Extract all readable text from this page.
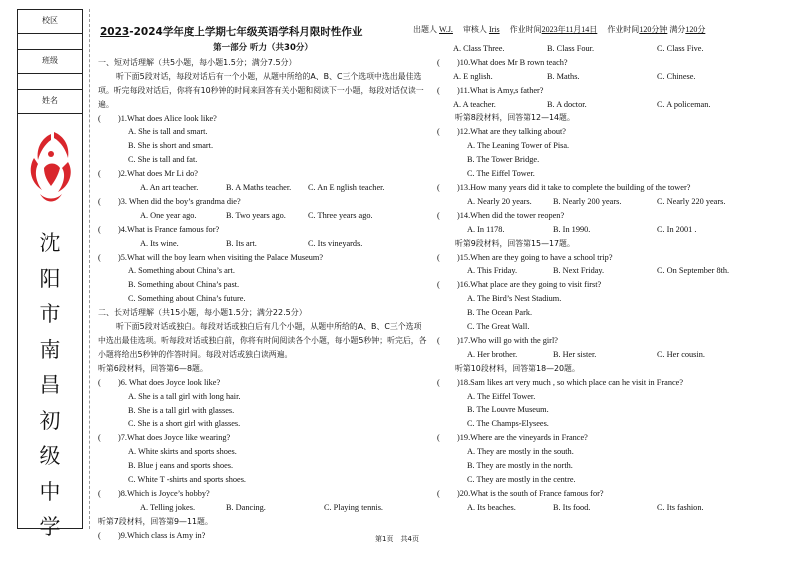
校区
班级
姓名
沈
阳
市
南
昌
初
级
中
学
2023-2024学年度上学期七年级英语学科月限时性作业	出题人 W.J.　 审核人 Iris　 作业时间2023年11月14日　 作业时间120分钟 满分120分

第一部分 听力（共30分）

一、短对话理解（共5小题，每小题1.5分；满分7.5分）

听下面5段对话，每段对话后有一个小题，从题中所给的A、B、C三个选项中选出最佳选项。听完每段对话后，你将有10秒钟的时间来回答有关小题和阅读下一小题，每段对话仅读一遍。

( )1.What does Alice look like?

A. She is tall and smart.

B. She is short and smart.

C. She is tall and fat.

( )2.What does Mr Li do?

A. An art teacher.	B. A Maths teacher. C. An E nglish teacher.

( )3. When did the boy’s grandma die?

A. One year ago.	B. Two years ago.	C. Three years ago.

( )4.What is France famous for?

A. Its wine.	B. Its art.	C. Its vineyards.

( )5.What will the boy learn when visiting the Palace Museum?

A. Something about China’s art.

B. Something about China’s past.

C. Something about China’s future.

二、长对话理解（共15小题，每小题1.5分；满分22.5分）

听下面5段对话或独白。每段对话或独白后有几个小题，从题中所给的A、B、C三个选项中选出最佳选项。听每段对话或独白前，你将有时间阅读各个小题，每小题5秒钟；听完后，各小题将给出5秒钟的作答时间。每段对话或独白读两遍。

听第6段材料，回答第6—8题。

( )6. What does Joyce look like?

A. She is a tall girl with long hair.

B. She is a tall girl with glasses.

C. She is a short girl with glasses.

( )7.What does Joyce like wearing?

A. White skirts and sports shoes.

B. Blue j eans and sports shoes.

C. White T -shirts and sports shoes.

( )8.Which is Joyce’s hobby?

A. Telling jokes.	B. Dancing.	C. Playing tennis.

听第7段材料，回答第9—11题。

( )9.Which class is Amy in?

A. Class Three.	B. Class Four.	C. Class Five.

( )10.What does Mr B rown teach?

A. E nglish.	B. Maths.	C. Chinese.

( )11.What is Amy,s father?

A. A teacher.	B. A doctor.	C. A policeman.

听第8段材料，回答第12—14题。

( )12.What are they talking about?

A. The Leaning Tower of Pisa.

B. The Tower Bridge.

C. The Eiffel Tower.

( )13.How many years did it take to complete the building of the tower?

A. Nearly 20 years.	B. Nearly 200 years.	C. Nearly 220 years.

( )14.When did the tower reopen?

A. In 1178.	B. In 1990.	C. In 2001 .

听第9段材料，回答第15—17题。

( )15.When are they going to have a school trip?

A. This Friday.	B. Next Friday.	C. On September 8th.

( )16.What place are they going to visit first?

A. The Bird’s Nest Stadium.

B. The Ocean Park.

C. The Great Wall.

( )17.Who will go with the girl?

A. Her brother.	B. Her sister.	C. Her cousin.

听第10段材料，回答第18—20题。

( )18.Sam likes art very much , so which place can he visit in France?

A. The Eiffel Tower.

B. The Louvre Museum.

C. The Champs-Elysees.

( )19.Where are the vineyards in France?

A. They are mostly in the south.

B. They are mostly in the north.

C. They are mostly in the centre.

( )20.What is the south of France famous for?

A. Its beaches.	B. Its food.	C. Its fashion.
第1页　共4页
